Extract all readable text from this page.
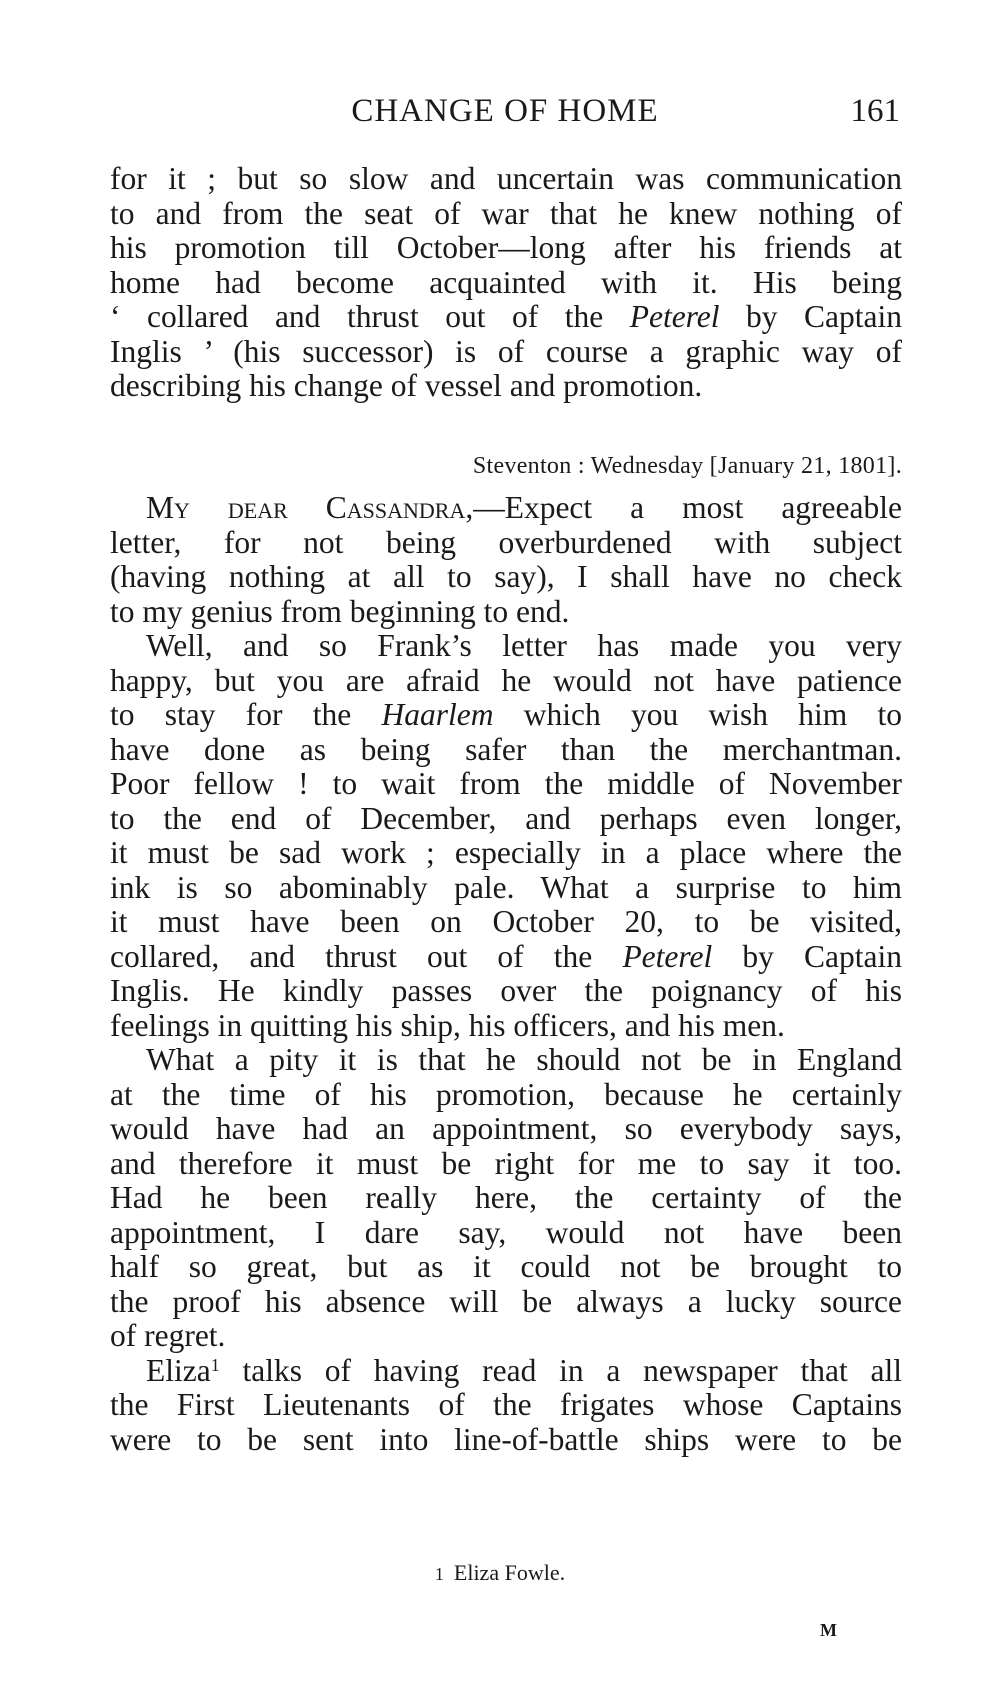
CHANGE OF HOME	161
for it ; but so slow and uncertain was communication
to and from the seat of war that he knew nothing of
his promotion till October—long after his friends at
home had become acquainted with it. His being
‘ collared and thrust out of the Peterel by Captain
Inglis ’ (his successor) is of course a graphic way of
describing his change of vessel and promotion.
Steventon : Wednesday [January 21, 1801].
My dear Cassandra,—Expect a most agreeable
letter, for not being overburdened with subject
(having nothing at all to say), I shall have no check
to my genius from beginning to end.
Well, and so Frank’s letter has made you very
happy, but you are afraid he would not have patience
to stay for the Haarlem which you wish him to
have done as being safer than the merchantman.
Poor fellow ! to wait from the middle of November
to the end of December, and perhaps even longer,
it must be sad work ; especially in a place where the
ink is so abominably pale. What a surprise to him
it must have been on October 20, to be visited,
collared, and thrust out of the Peterel by Captain
Inglis. He kindly passes over the poignancy of his
feelings in quitting his ship, his officers, and his men.
What a pity it is that he should not be in England
at the time of his promotion, because he certainly
would have had an appointment, so everybody says,
and therefore it must be right for me to say it too.
Had he been really here, the certainty of the
appointment, I dare say, would not have been
half so great, but as it could not be brought to
the proof his absence will be always a lucky source
of regret.
Eliza$^1$ talks of having read in a newspaper that all
the First Lieutenants of the frigates whose Captains
were to be sent into line-of-battle ships were to be
1 Eliza Fowle.
M
